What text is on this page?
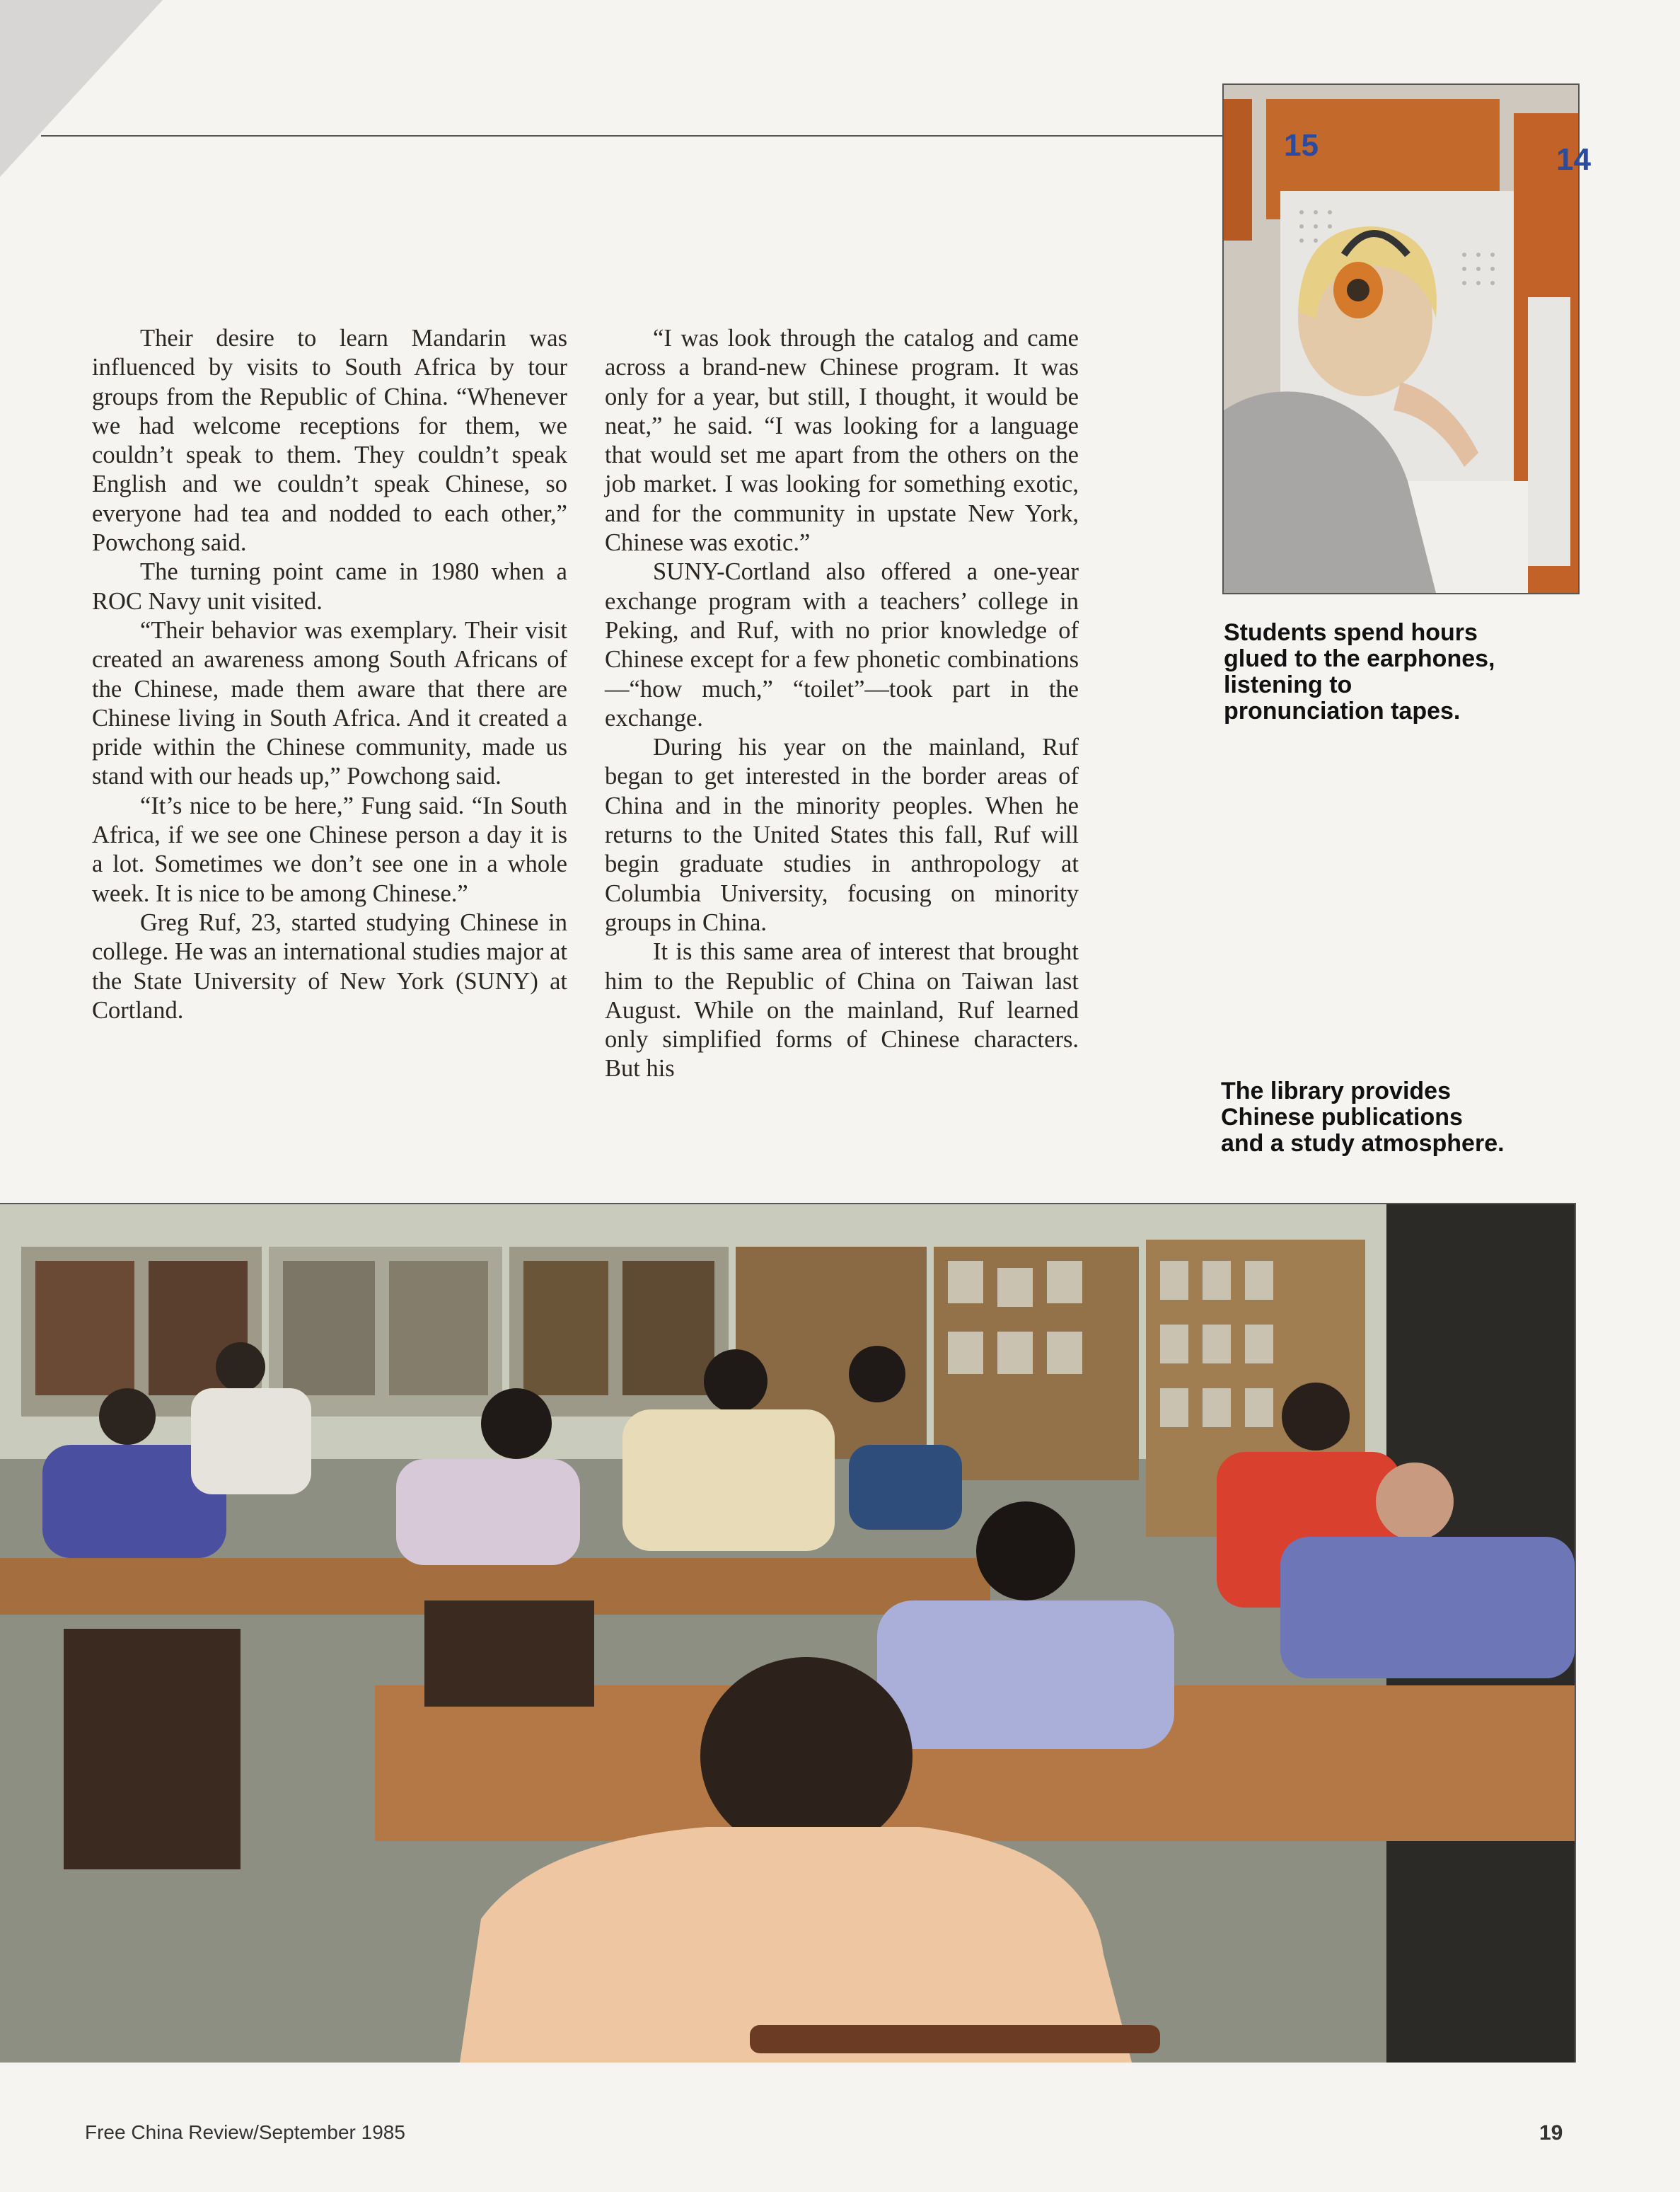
Their desire to learn Mandarin was influenced by visits to South Africa by tour groups from the Republic of China. “Whenever we had welcome receptions for them, we couldn’t speak to them. They couldn’t speak English and we couldn’t speak Chinese, so everyone had tea and nodded to each other,” Powchong said.

The turning point came in 1980 when a ROC Navy unit visited.

“Their behavior was exemplary. Their visit created an awareness among South Africans of the Chinese, made them aware that there are Chinese living in South Africa. And it created a pride within the Chinese community, made us stand with our heads up,” Powchong said.

“It’s nice to be here,” Fung said. “In South Africa, if we see one Chinese person a day it is a lot. Sometimes we don’t see one in a whole week. It is nice to be among Chinese.”

Greg Ruf, 23, started studying Chinese in college. He was an international studies major at the State University of New York (SUNY) at Cortland.

“I was look through the catalog and came across a brand-new Chinese program. It was only for a year, but still, I thought, it would be neat,” he said. “I was looking for a language that would set me apart from the others on the job market. I was looking for something exotic, and for the community in upstate New York, Chinese was exotic.”

SUNY-Cortland also offered a one-year exchange program with a teachers’ college in Peking, and Ruf, with no prior knowledge of Chinese except for a few phonetic combinations—“how much,” “toilet”—took part in the exchange.

During his year on the mainland, Ruf began to get interested in the border areas of China and in the minority peoples. When he returns to the United States this fall, Ruf will begin graduate studies in anthropology at Columbia University, focusing on minority groups in China.

It is this same area of interest that brought him to the Republic of China on Taiwan last August. While on the mainland, Ruf learned only simplified forms of Chinese characters. But his

15	14
Students spend hours
glued to the earphones,
listening to
pronunciation tapes.
The library provides
Chinese publications
and a study atmosphere.
Free China Review/September 1985	19
